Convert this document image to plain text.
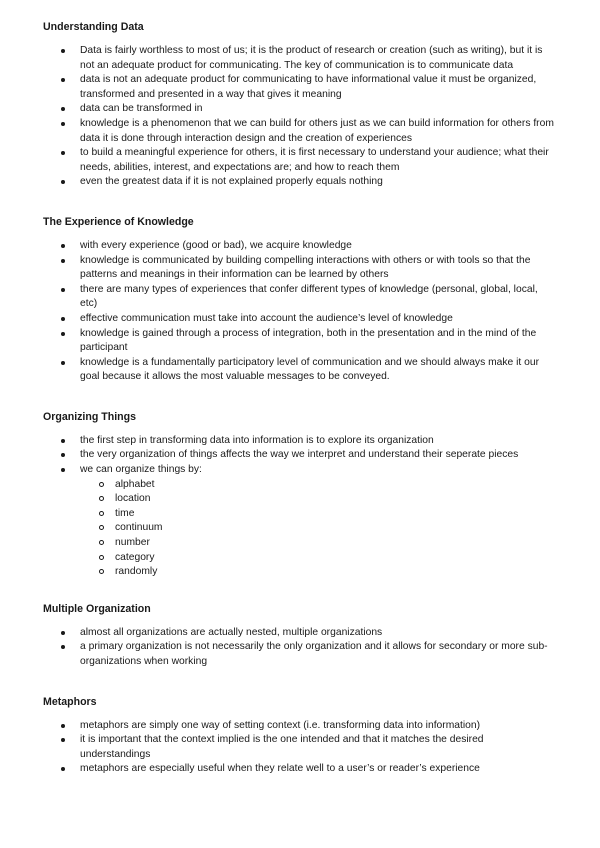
Understanding Data
Data is fairly worthless to most of us; it is the product of research or creation (such as writing), but it is not an adequate product for communicating. The key of communication is to communicate data
data is not an adequate product for communicating to have informational value it must be organized, transformed and presented in a way that gives it meaning
data can be transformed in
knowledge is a phenomenon that we can build for others just as we can build information for others from data it is done through interaction design and the creation of experiences
to build a meaningful experience for others, it is first necessary to understand your audience; what their needs, abilities, interest, and expectations are; and how to reach them
even the greatest data if it is not explained properly equals nothing
The Experience of Knowledge
with every experience (good or bad), we acquire knowledge
knowledge is communicated by building compelling interactions with others or with tools so that the patterns and meanings in their information can be learned by others
there are many types of experiences that confer different types of knowledge (personal, global, local, etc)
effective communication must take into account the audience’s level of knowledge
knowledge is gained through a process of integration, both in the presentation and in the mind of the participant
knowledge is a fundamentally participatory level of communication and we should always make it our goal because it allows the most valuable messages to be conveyed.
Organizing Things
the first step in transforming data into information is to explore its organization
the very organization of things affects the way we interpret and understand their seperate pieces
we can organize things by:
alphabet
location
time
continuum
number
category
randomly
Multiple Organization
almost all organizations are actually nested, multiple organizations
a primary organization is not necessarily the only organization and it allows for secondary or more sub-organizations when working
Metaphors
metaphors are simply one way of setting context (i.e. transforming data into information)
it is important that the context implied is the one intended and that it matches the desired understandings
metaphors are especially useful when they relate well to a user’s or reader’s experience
